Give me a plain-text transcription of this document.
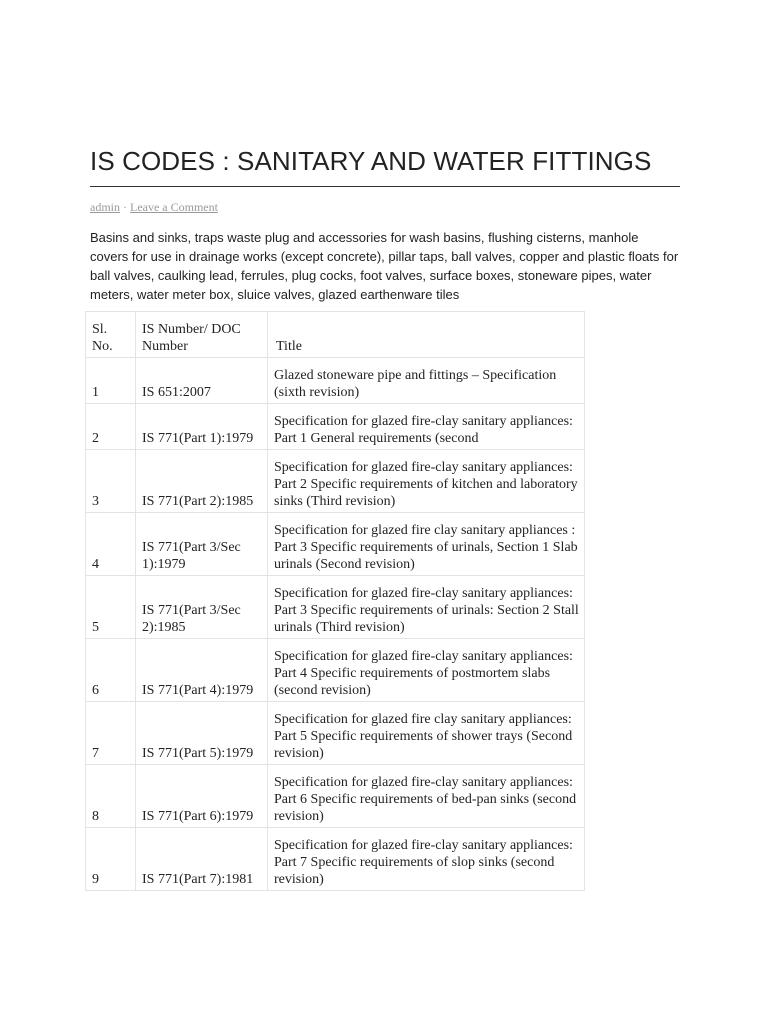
IS CODES : SANITARY AND WATER FITTINGS
admin · Leave a Comment

Basins and sinks, traps waste plug and accessories for wash basins, flushing cisterns, manhole covers for use in drainage works (except concrete), pillar taps, ball valves, copper and plastic floats for ball valves, caulking lead, ferrules, plug cocks, foot valves, surface boxes, stoneware pipes, water meters, water meter box, sluice valves, glazed earthenware tiles

Sl. No.	IS Number/ DOC Number	Title
1	IS 651:2007	Glazed stoneware pipe and fittings – Specification (sixth revision)
2	IS 771(Part 1):1979	Specification for glazed fire-clay sanitary appliances: Part 1 General requirements (second
3	IS 771(Part 2):1985	Specification for glazed fire-clay sanitary appliances: Part 2 Specific requirements of kitchen and laboratory sinks (Third revision)
4	IS 771(Part 3/Sec 1):1979	Specification for glazed fire clay sanitary appliances : Part 3 Specific requirements of urinals, Section 1 Slab urinals (Second revision)
5	IS 771(Part 3/Sec 2):1985	Specification for glazed fire-clay sanitary appliances: Part 3 Specific requirements of urinals: Section 2 Stall urinals (Third revision)
6	IS 771(Part 4):1979	Specification for glazed fire-clay sanitary appliances: Part 4 Specific requirements of postmortem slabs (second revision)
7	IS 771(Part 5):1979	Specification for glazed fire clay sanitary appliances: Part 5 Specific requirements of shower trays (Second revision)
8	IS 771(Part 6):1979	Specification for glazed fire-clay sanitary appliances: Part 6 Specific requirements of bed-pan sinks (second revision)
9	IS 771(Part 7):1981	Specification for glazed fire-clay sanitary appliances: Part 7 Specific requirements of slop sinks (second revision)
